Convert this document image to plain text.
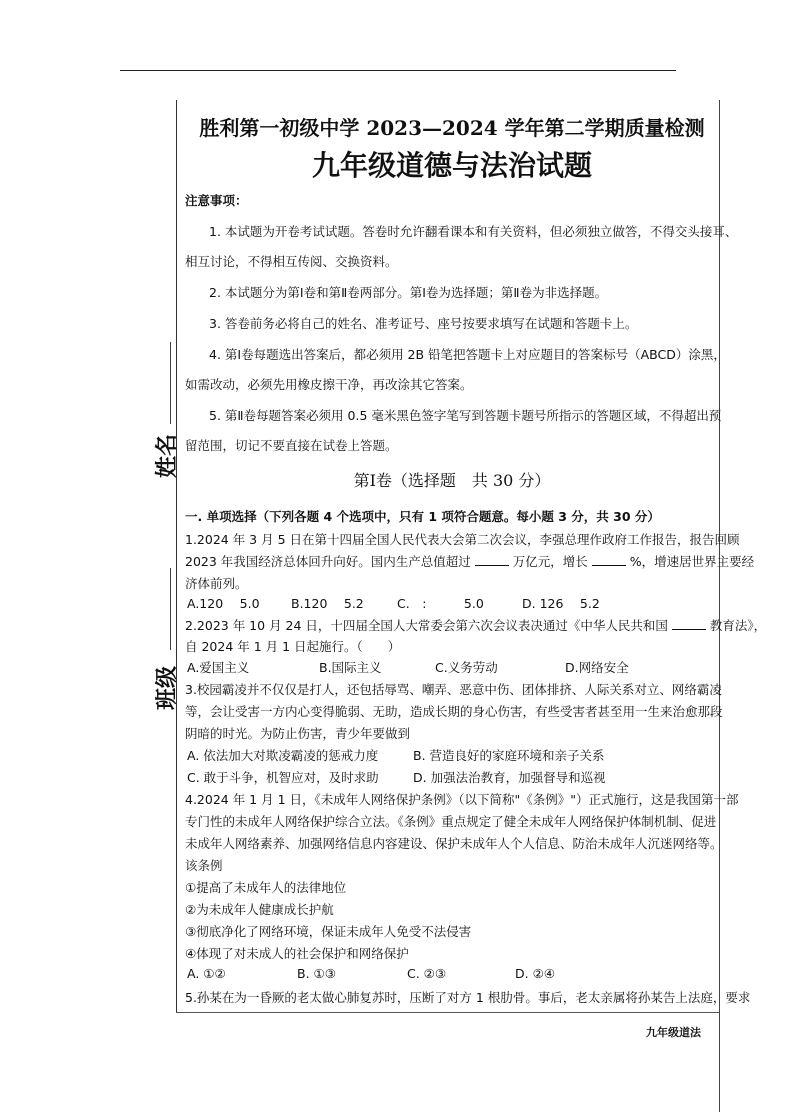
姓名
班级
胜利第一初级中学 2023—2024 学年第二学期质量检测
九年级道德与法治试题
注意事项：
1. 本试题为开卷考试试题。答卷时允许翻看课本和有关资料，但必须独立做答，不得交头接耳、
相互讨论，不得相互传阅、交换资料。
2. 本试题分为第Ⅰ卷和第Ⅱ卷两部分。第Ⅰ卷为选择题；第Ⅱ卷为非选择题。
3. 答卷前务必将自己的姓名、准考证号、座号按要求填写在试题和答题卡上。
4. 第Ⅰ卷每题选出答案后，都必须用 2B 铅笔把答题卡上对应题目的答案标号（ABCD）涂黑，
如需改动，必须先用橡皮擦干净，再改涂其它答案。
5. 第Ⅱ卷每题答案必须用 0.5 毫米黑色签字笔写到答题卡题号所指示的答题区域，不得超出预
留范围，切记不要直接在试卷上答题。
第Ⅰ卷（选择题　共 30 分）
一. 单项选择（下列各题 4 个选项中，只有 1 项符合题意。每小题 3 分，共 30 分）
1.2024 年 3 月 5 日在第十四届全国人民代表大会第二次会议，李强总理作政府工作报告，报告回顾
2023 年我国经济总体回升向好。国内生产总值超过	万亿元，增长	%，增速居世界主要经
济体前列。
A.120　 5.0	B.120　 5.2	C.　:　　　5.0	D. 126　 5.2
2.2023 年 10 月 24 日，十四届全国人大常委会第六次会议表决通过《中华人民共和国	教育法》，
自 2024 年 1 月 1 日起施行。（　　）
A.爱国主义	B.国际主义	C.义务劳动	D.网络安全
3.校园霸凌并不仅仅是打人，还包括辱骂、嘲弄、恶意中伤、团体排挤、人际关系对立、网络霸凌
等，会让受害一方内心变得脆弱、无助，造成长期的身心伤害，有些受害者甚至用一生来治愈那段
阴暗的时光。为防止伤害，青少年要做到
A. 依法加大对欺凌霸凌的惩戒力度	B. 营造良好的家庭环境和亲子关系
C. 敢于斗争，机智应对，及时求助	D. 加强法治教育，加强督导和巡视
4.2024 年 1 月 1 日，《未成年人网络保护条例》（以下简称"《条例》"）正式施行，这是我国第一部
专门性的未成年人网络保护综合立法。《条例》重点规定了健全未成年人网络保护体制机制、促进
未成年人网络素养、加强网络信息内容建设、保护未成年人个人信息、防治未成年人沉迷网络等。
该条例
①提高了未成年人的法律地位
②为未成年人健康成长护航
③彻底净化了网络环境，保证未成年人免受不法侵害
④体现了对未成人的社会保护和网络保护
A. ①②	B. ①③	C. ②③	D. ②④
5.孙某在为一昏厥的老太做心肺复苏时，压断了对方 1 根肋骨。事后，老太亲属将孙某告上法庭，要求
九年级道法
